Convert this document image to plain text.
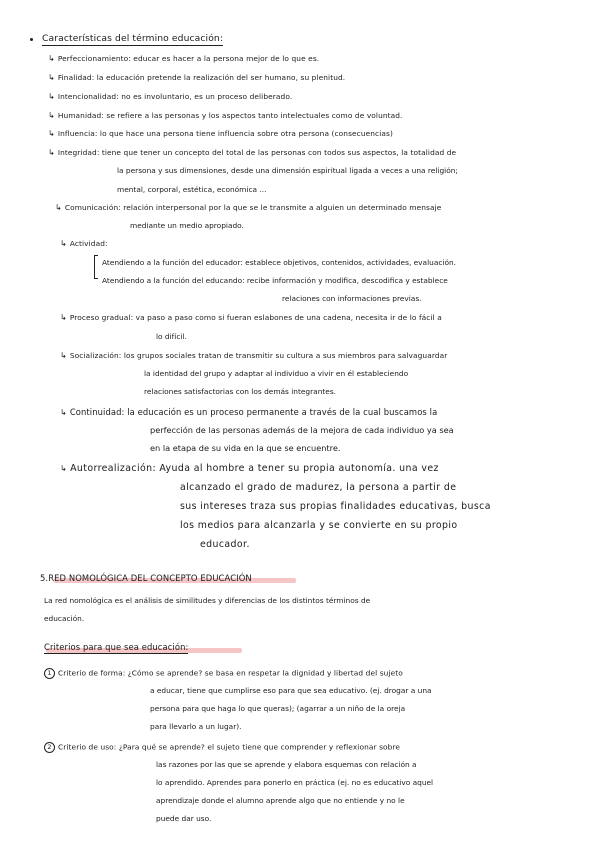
Características del término educación:
↳ Perfeccionamiento: educar es hacer a la persona mejor de lo que es.
↳ Finalidad: la educación pretende la realización del ser humano, su plenitud.
↳ Intencionalidad: no es involuntario, es un proceso deliberado.
↳ Humanidad: se refiere a las personas y los aspectos tanto intelectuales como de voluntad.
↳ Influencia: lo que hace una persona tiene influencia sobre otra persona (consecuencias)
↳ Integridad: tiene que tener un concepto del total de las personas con todos sus aspectos, la totalidad de
la persona y sus dimensiones, desde una dimensión espiritual ligada a veces a una religión;
mental, corporal, estética, económica ...
↳ Comunicación: relación interpersonal por la que se le transmite a alguien un determinado mensaje
mediante un medio apropiado.
↳ Actividad:
Atendiendo a la función del educador: establece objetivos, contenidos, actividades, evaluación.
Atendiendo a la función del educando: recibe información y modifica, descodifica y establece
relaciones con informaciones previas.
↳ Proceso gradual: va paso a paso como si fueran eslabones de una cadena, necesita ir de lo fácil a
lo difícil.
↳ Socialización: los grupos sociales tratan de transmitir su cultura a sus miembros para salvaguardar
la identidad del grupo y adaptar al individuo a vivir en él estableciendo
relaciones satisfactorias con los demás integrantes.
↳ Continuidad: la educación es un proceso permanente a través de la cual buscamos la
perfección de las personas además de la mejora de cada individuo ya sea
en la etapa de su vida en la que se encuentre.
↳ Autorrealización: Ayuda al hombre a tener su propia autonomía. una vez
alcanzado el grado de madurez, la persona a partir de
sus intereses traza sus propias finalidades educativas, busca
los medios para alcanzarla y se convierte en su propio
educador.
5.RED NOMOLÓGICA DEL CONCEPTO EDUCACIÓN
La red nomológica es el análisis de similitudes y diferencias de los distintos términos de
educación.
Criterios para que sea educación:
1 Criterio de forma: ¿Cómo se aprende? se basa en respetar la dignidad y libertad del sujeto
a educar, tiene que cumplirse eso para que sea educativo. (ej. drogar a una
persona para que haga lo que queras); (agarrar a un niño de la oreja
para llevarlo a un lugar).
2 Criterio de uso: ¿Para qué se aprende? el sujeto tiene que comprender y reflexionar sobre
las razones por las que se aprende y elabora esquemas con relación a
lo aprendido. Aprendes para ponerlo en práctica (ej. no es educativo aquel
aprendizaje donde el alumno aprende algo que no entiende y no le
puede dar uso.
